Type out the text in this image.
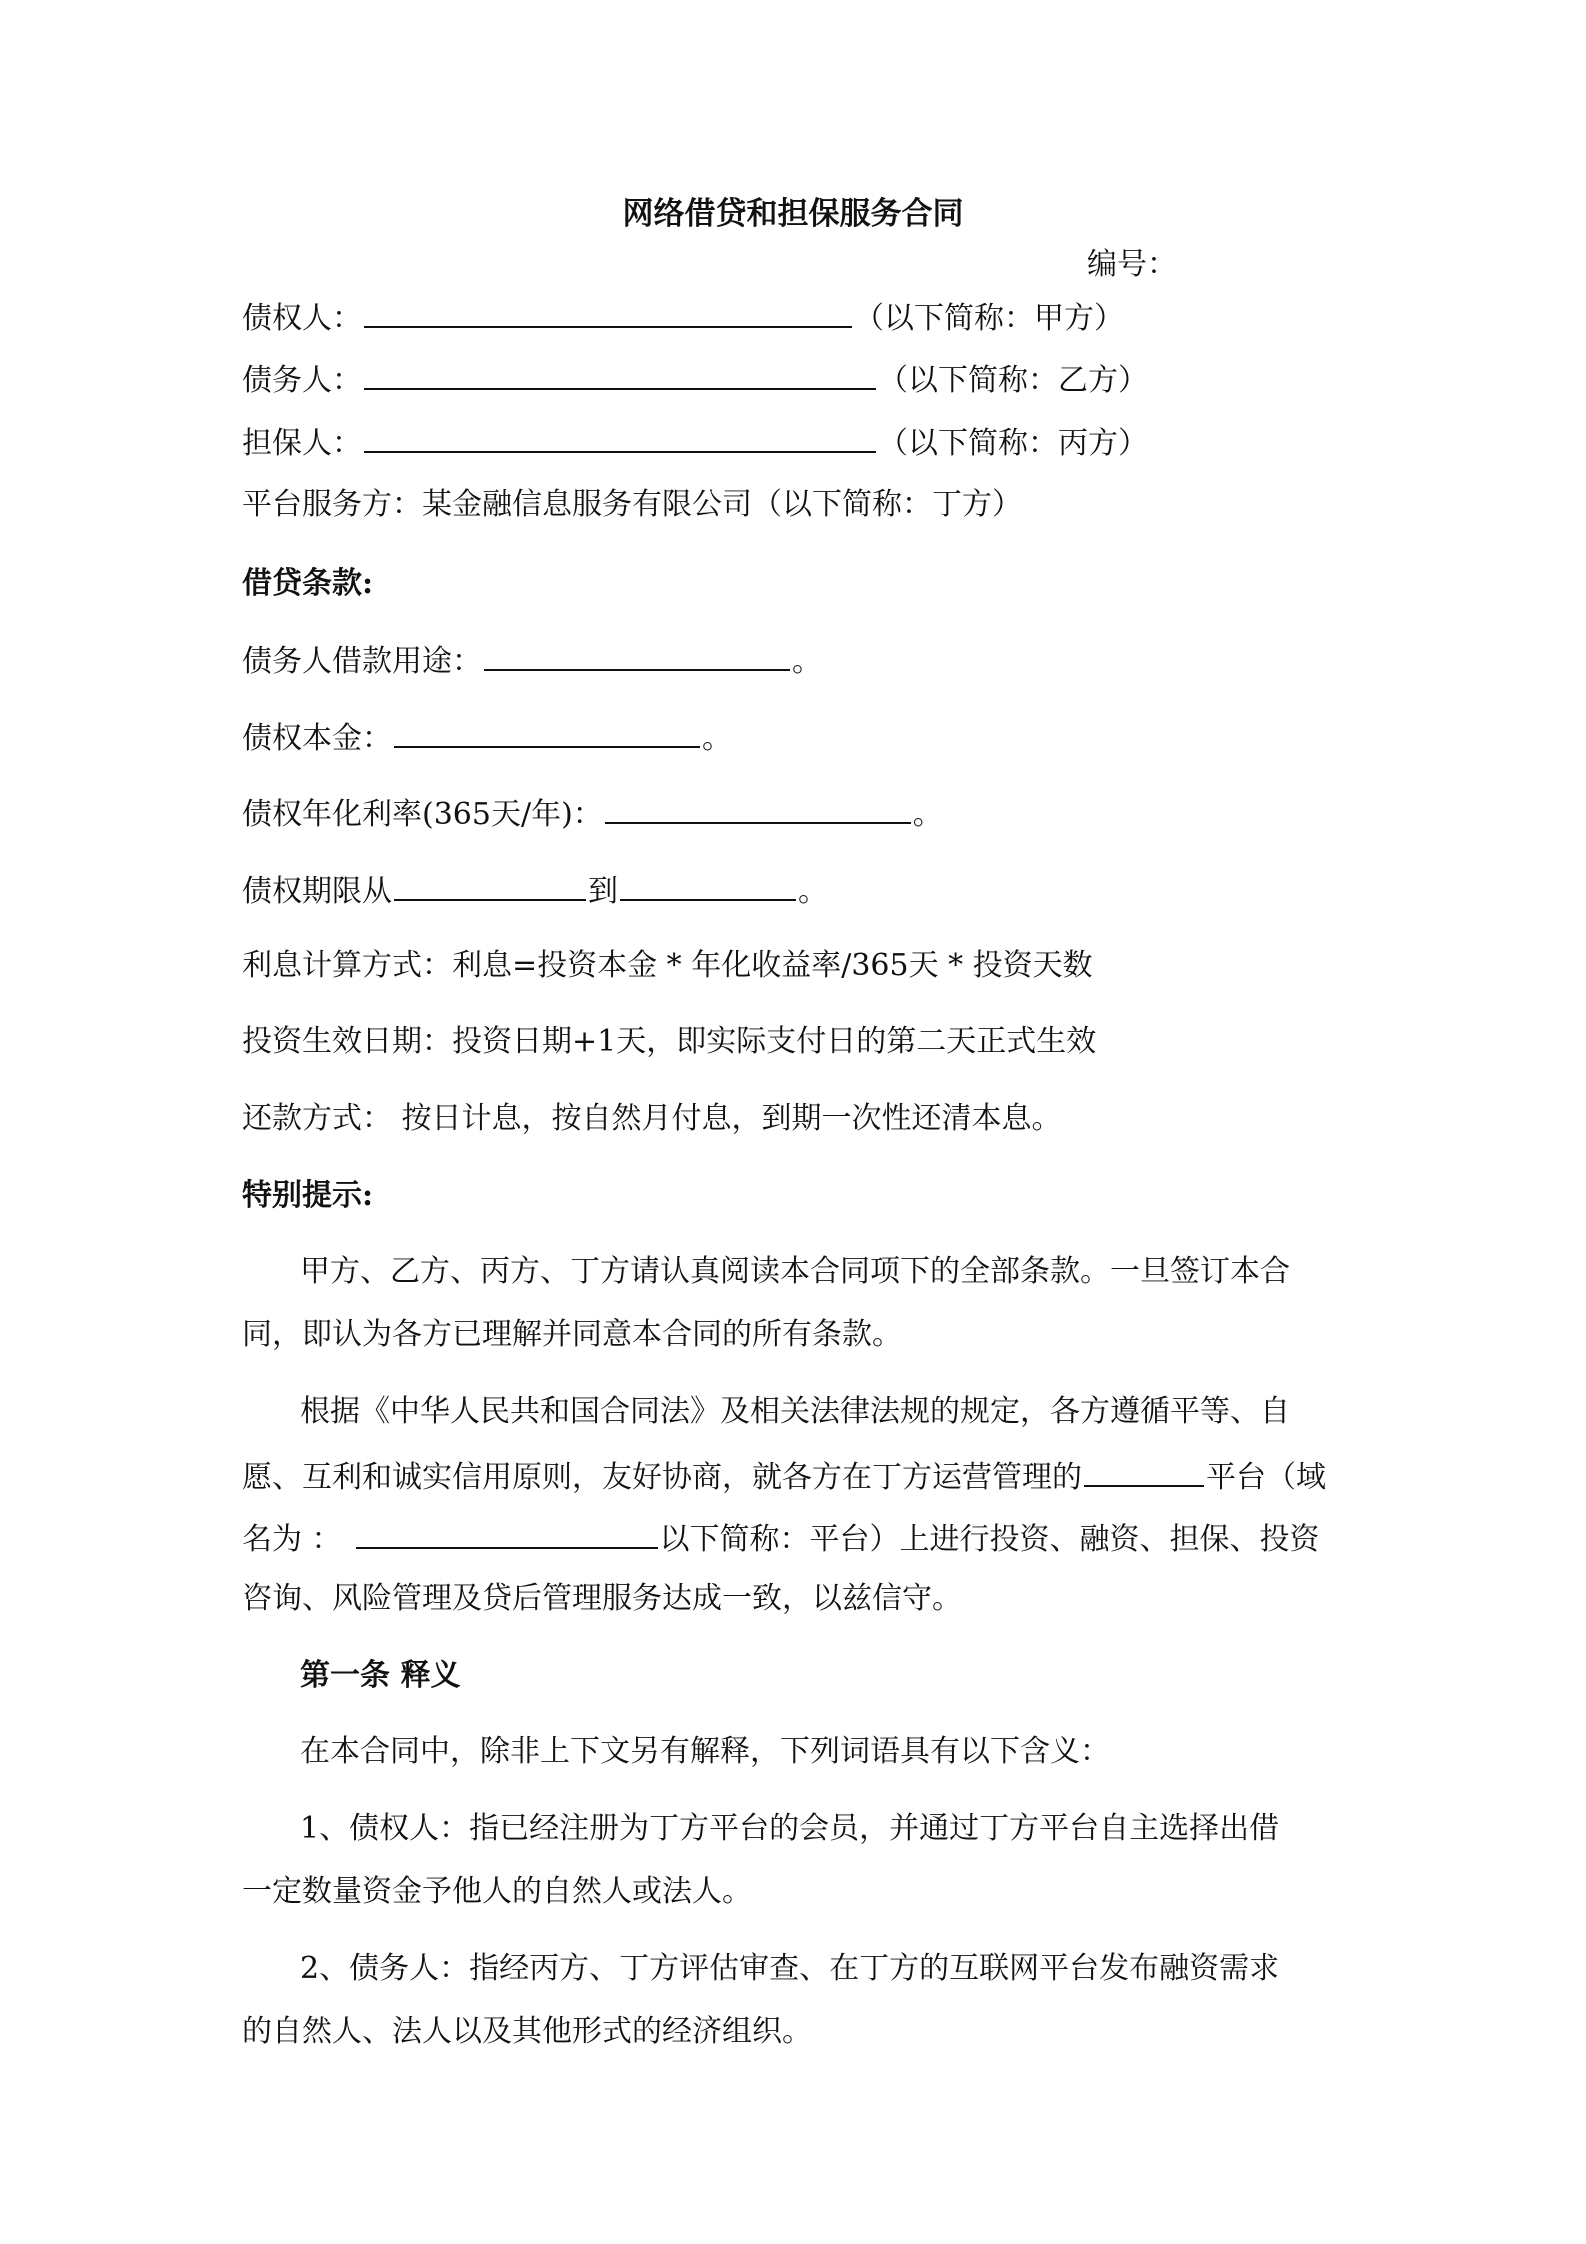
网络借贷和担保服务合同
编号：
债权人：	（以下简称：甲方）
债务人：	（以下简称：乙方）
担保人：	（以下简称：丙方）
平台服务方：某金融信息服务有限公司（以下简称：丁方）
借贷条款:
债务人借款用途：	。
债权本金：	。
债权年化利率(365天/年)：	。
债权期限从	到	。
利息计算方式：利息=投资本金 * 年化收益率/365天 * 投资天数
投资生效日期：投资日期+1天，即实际支付日的第二天正式生效
还款方式： 按日计息，按自然月付息，到期一次性还清本息。
特别提示:
甲方、乙方、丙方、丁方请认真阅读本合同项下的全部条款。一旦签订本合
同，即认为各方已理解并同意本合同的所有条款。
根据《中华人民共和国合同法》及相关法律法规的规定，各方遵循平等、自
愿、互利和诚实信用原则，友好协商，就各方在丁方运营管理的	平台（域
名为 ：	以下简称：平台）上进行投资、融资、担保、投资
咨询、风险管理及贷后管理服务达成一致，以兹信守。
第一条 释义
在本合同中，除非上下文另有解释，下列词语具有以下含义：
1、债权人：指已经注册为丁方平台的会员，并通过丁方平台自主选择出借
一定数量资金予他人的自然人或法人。
2、债务人：指经丙方、丁方评估审查、在丁方的互联网平台发布融资需求
的自然人、法人以及其他形式的经济组织。
